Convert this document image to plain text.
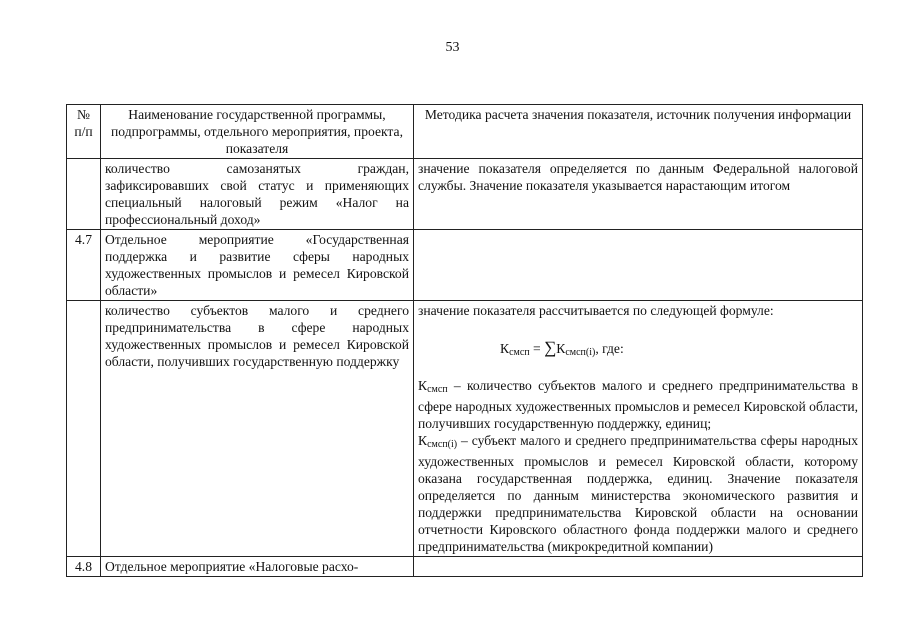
53
№ п/п	Наименование государственной программы, подпрограммы, отдельного мероприятия, проекта, показателя	Методика расчета значения показателя, источник получения информации
	количество самозанятых граждан, зафиксировавших свой статус и применяющих специальный налоговый режим «Налог на профессиональный доход»	значение показателя определяется по данным Федеральной налоговой службы. Значение показателя указывается нарастающим итогом
4.7	Отдельное мероприятие «Государственная поддержка и развитие сферы народных художественных промыслов и ремесел Кировской области»	
	количество субъектов малого и среднего предпринимательства в сфере народных художественных промыслов и ремесел Кировской области, получивших государственную поддержку	значение показателя рассчитывается по следующей формуле:
$К_{смсп} = \sum К_{смсп(i)}$, где:
$К_{смсп}$ – количество субъектов малого и среднего предпринимательства в сфере народных художественных промыслов и ремесел Кировской области, получивших государственную поддержку, единиц;
$К_{смсп(i)}$ – субъект малого и среднего предпринимательства сферы народных художественных промыслов и ремесел Кировской области, которому оказана государственная поддержка, единиц. Значение показателя определяется по данным министерства экономического развития и поддержки предпринимательства Кировской области на основании отчетности Кировского областного фонда поддержки малого и среднего предпринимательства (микрокредитной компании)

4.8	Отдельное мероприятие «Налоговые расхо-	
